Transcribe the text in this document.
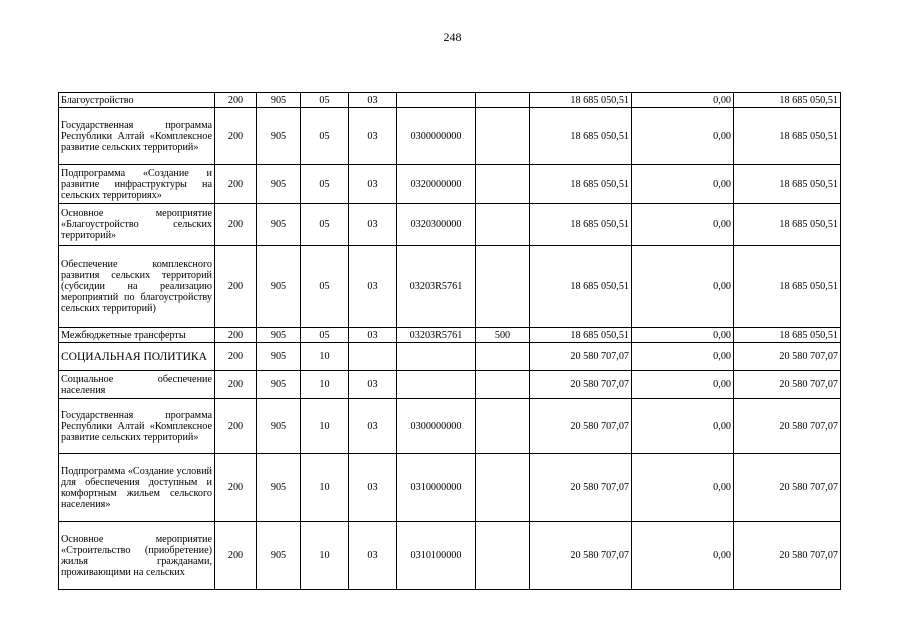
248
Благоустройство	200	905	05	03			18 685 050,51	0,00	18 685 050,51
Государственная программа Республики Алтай «Комплексное развитие сельских территорий»	200	905	05	03	0300000000		18 685 050,51	0,00	18 685 050,51
Подпрограмма «Создание и развитие инфраструктуры на сельских территориях»	200	905	05	03	0320000000		18 685 050,51	0,00	18 685 050,51
Основное мероприятие «Благоустройство сельских территорий»	200	905	05	03	0320300000		18 685 050,51	0,00	18 685 050,51
Обеспечение комплексного развития сельских территорий (субсидии на реализацию мероприятий по благоустройству сельских территорий)	200	905	05	03	03203R5761		18 685 050,51	0,00	18 685 050,51
Межбюджетные трансферты	200	905	05	03	03203R5761	500	18 685 050,51	0,00	18 685 050,51
СОЦИАЛЬНАЯ ПОЛИТИКА	200	905	10				20 580 707,07	0,00	20 580 707,07
Социальное обеспечение населения	200	905	10	03			20 580 707,07	0,00	20 580 707,07
Государственная программа Республики Алтай «Комплексное развитие сельских территорий»	200	905	10	03	0300000000		20 580 707,07	0,00	20 580 707,07
Подпрограмма «Создание условий для обеспечения доступным и комфортным жильем сельского населения»	200	905	10	03	0310000000		20 580 707,07	0,00	20 580 707,07
Основное мероприятие «Строительство (приобретение) жилья гражданами, проживающими на сельских	200	905	10	03	0310100000		20 580 707,07	0,00	20 580 707,07
